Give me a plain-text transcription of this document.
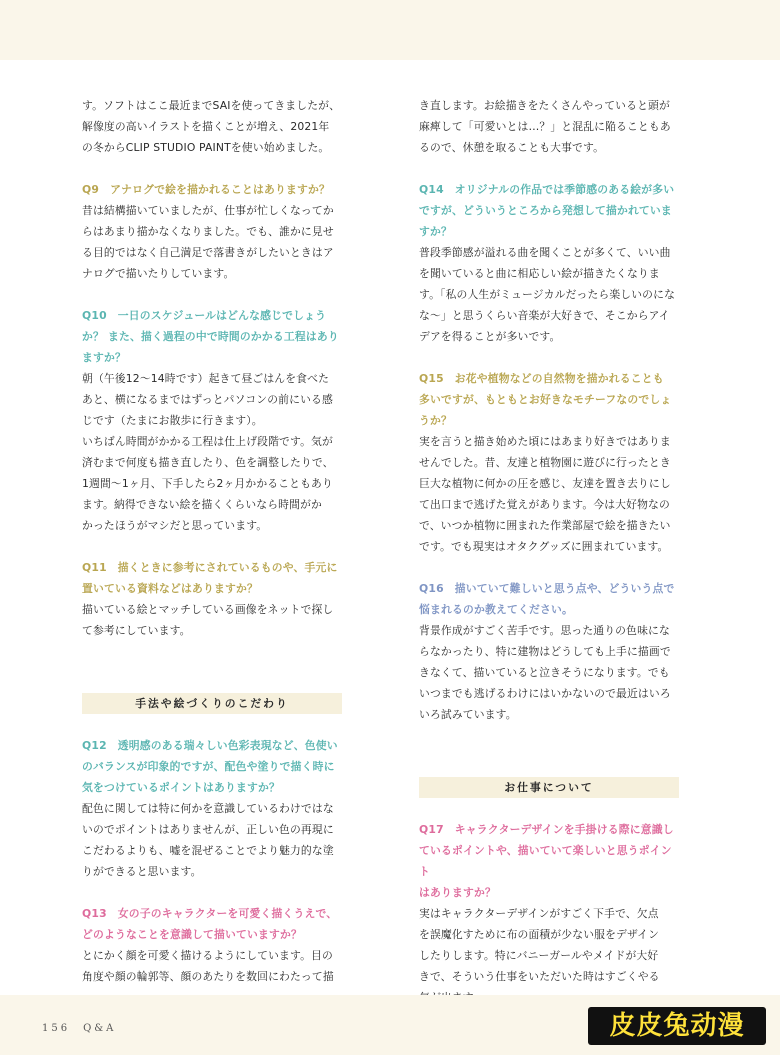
す。ソフトはここ最近までSAIを使ってきましたが、

解像度の高いイラストを描くことが増え、2021年

の冬からCLIP STUDIO PAINTを使い始めました。

Q9　アナログで絵を描かれることはありますか？

昔は結構描いていましたが、仕事が忙しくなってか

らはあまり描かなくなりました。でも、誰かに見せ

る目的ではなく自己満足で落書きがしたいときはア

ナログで描いたりしています。

Q10　一日のスケジュールはどんな感じでしょう

か？ また、描く過程の中で時間のかかる工程はあり

ますか？

朝（午後12〜14時です）起きて昼ごはんを食べた

あと、横になるまではずっとパソコンの前にいる感

じです（たまにお散歩に行きます）。

いちばん時間がかかる工程は仕上げ段階です。気が

済むまで何度も描き直したり、色を調整したりで、

1週間〜1ヶ月、下手したら2ヶ月かかることもあり

ます。納得できない絵を描くくらいなら時間がか

かったほうがマシだと思っています。

Q11　描くときに参考にされているものや、手元に

置いている資料などはありますか？

描いている絵とマッチしている画像をネットで探し

て参考にしています。

手法や絵づくりのこだわり

Q12　透明感のある瑞々しい色彩表現など、色使い

のバランスが印象的ですが、配色や塗りで描く時に

気をつけているポイントはありますか？

配色に関しては特に何かを意識しているわけではな

いのでポイントはありませんが、正しい色の再現に

こだわるよりも、嘘を混ぜることでより魅力的な塗

りができると思います。

Q13　女の子のキャラクターを可愛く描くうえで、

どのようなことを意識して描いていますか？

とにかく顔を可愛く描けるようにしています。目の

角度や顔の輪郭等、顔のあたりを数回にわたって描

き直します。お絵描きをたくさんやっていると頭が

麻痺して「可愛いとは…？」と混乱に陥ることもあ

るので、休憩を取ることも大事です。

Q14　オリジナルの作品では季節感のある絵が多い

ですが、どういうところから発想して描かれていま

すか？

普段季節感が溢れる曲を聞くことが多くて、いい曲

を聞いていると曲に相応しい絵が描きたくなりま

す。「私の人生がミュージカルだったら楽しいのにな

な〜」と思うくらい音楽が大好きで、そこからアイ

デアを得ることが多いです。

Q15　お花や植物などの自然物を描かれることも

多いですが、もともとお好きなモチーフなのでしょ

うか？

実を言うと描き始めた頃にはあまり好きではありま

せんでした。昔、友達と植物園に遊びに行ったとき

巨大な植物に何かの圧を感じ、友達を置き去りにし

て出口まで逃げた覚えがあります。今は大好物なの

で、いつか植物に囲まれた作業部屋で絵を描きたい

です。でも現実はオタクグッズに囲まれています。

Q16　描いていて難しいと思う点や、どういう点で

悩まれるのか教えてください。

背景作成がすごく苦手です。思った通りの色味にな

らなかったり、特に建物はどうしても上手に描画で

きなくて、描いていると泣きそうになります。でも

いつまでも逃げるわけにはいかないので最近はいろ

いろ試みています。

お仕事について

Q17　キャラクターデザインを手掛ける際に意識し

ているポイントや、描いていて楽しいと思うポイント

はありますか？

実はキャラクターデザインがすごく下手で、欠点

を誤魔化すために布の面積が少ない服をデザイン

したりします。特にバニーガールやメイドが大好

きで、そういう仕事をいただいた時はすごくやる

156　Q&A	皮皮兔动漫
